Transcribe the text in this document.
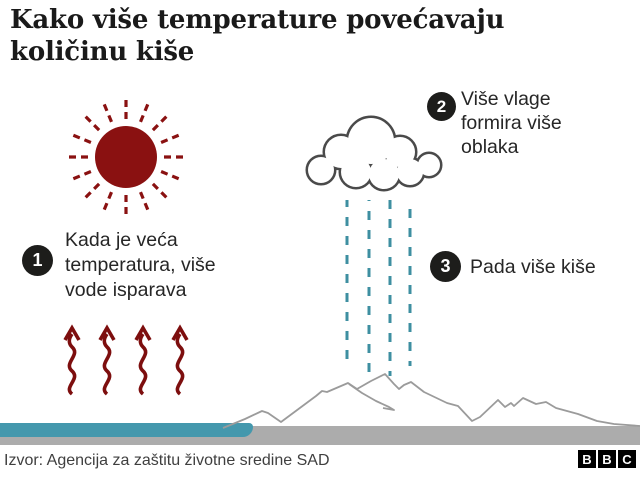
Kako više temperature povećavaju količinu kiše
1
Kada je veća temperatura, više vode isparava
2 Više vlage formira više oblaka
3	Pada više kiše
Izvor: Agencija za zaštitu životne sredine SAD	B B C
